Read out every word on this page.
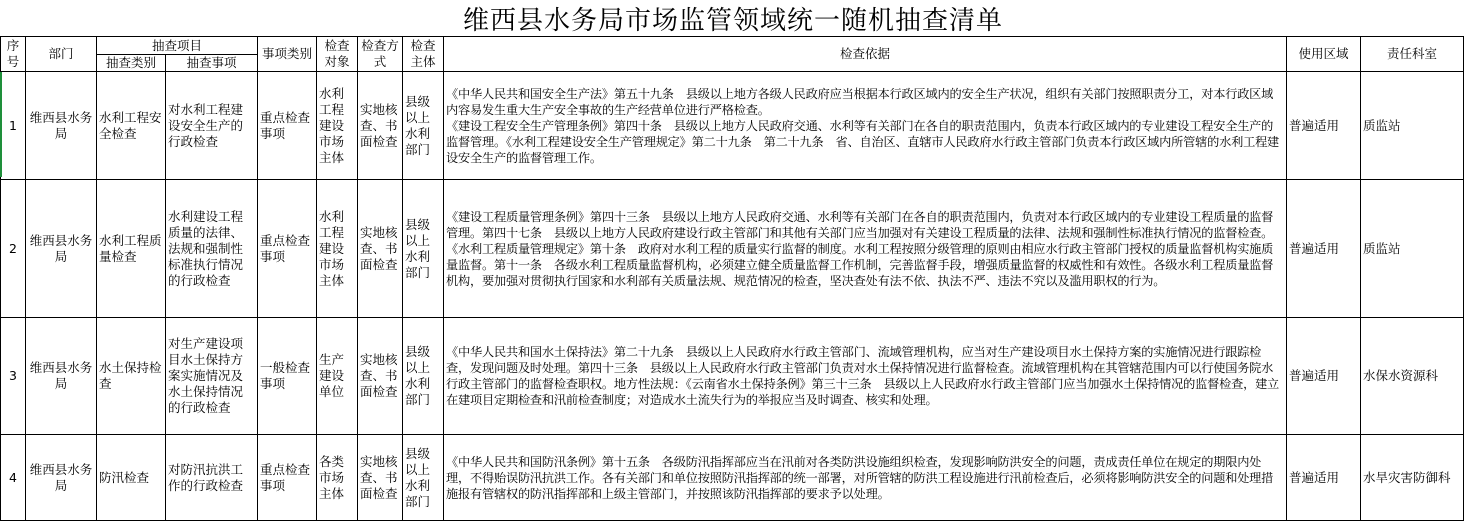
维西县水务局市场监管领域统一随机抽查清单
序号	部门	抽查项目		事项类别	检查对象	检查方式	检查主体	检查依据	使用区域	责任科室
		抽查类别	抽查事项							
1	维西县水务局	水利工程安全检查	对水利工程建设安全生产的行政检查	重点检查事项	水利工程建设市场主体	实地核查、书面检查	县级以上水利部门	《中华人民共和国安全生产法》第五十九条　县级以上地方各级人民政府应当根据本行政区域内的安全生产状况，组织有关部门按照职责分工，对本行政区域内容易发生重大生产安全事故的生产经营单位进行严格检查。
《建设工程安全生产管理条例》第四十条　县级以上地方人民政府交通、水利等有关部门在各自的职责范围内，负责本行政区域内的专业建设工程安全生产的监督管理。《水利工程建设安全生产管理规定》第二十九条　第二十九条　省、自治区、直辖市人民政府水行政主管部门负责本行政区域内所管辖的水利工程建设安全生产的监督管理工作。	普遍适用	质监站
2	维西县水务局	水利工程质量检查	水利建设工程质量的法律、法规和强制性标准执行情况的行政检查	重点检查事项	水利工程建设市场主体	实地核查、书面检查	县级以上水利部门	《建设工程质量管理条例》第四十三条　县级以上地方人民政府交通、水利等有关部门在各自的职责范围内，负责对本行政区域内的专业建设工程质量的监督管理。第四十七条　县级以上地方人民政府建设行政主管部门和其他有关部门应当加强对有关建设工程质量的法律、法规和强制性标准执行情况的监督检查。
《水利工程质量管理规定》第十条　政府对水利工程的质量实行监督的制度。水利工程按照分级管理的原则由相应水行政主管部门授权的质量监督机构实施质量监督。第十一条　各级水利工程质量监督机构，必须建立健全质量监督工作机制，完善监督手段，增强质量监督的权威性和有效性。各级水利工程质量监督机构，要加强对贯彻执行国家和水利部有关质量法规、规范情况的检查，坚决查处有法不依、执法不严、违法不究以及滥用职权的行为。	普遍适用	质监站
3	维西县水务局	水土保持检查	对生产建设项目水土保持方案实施情况及水土保持情况的行政检查	一般检查事项	生产建设单位	实地核查、书面检查	县级以上水利部门	《中华人民共和国水土保持法》第二十九条　县级以上人民政府水行政主管部门、流域管理机构，应当对生产建设项目水土保持方案的实施情况进行跟踪检查，发现问题及时处理。第四十三条　县级以上人民政府水行政主管部门负责对水土保持情况进行监督检查。流域管理机构在其管辖范围内可以行使国务院水行政主管部门的监督检查职权。地方性法规：《云南省水土保持条例》第三十三条　县级以上人民政府水行政主管部门应当加强水土保持情况的监督检查，建立在建项目定期检查和汛前检查制度；对造成水土流失行为的举报应当及时调查、核实和处理。	普遍适用	水保水资源科
4	维西县水务局	防汛检查	对防汛抗洪工作的行政检查	重点检查事项	各类市场主体	实地核查、书面检查	县级以上水利部门	《中华人民共和国防汛条例》第十五条　各级防汛指挥部应当在汛前对各类防洪设施组织检查，发现影响防洪安全的问题，责成责任单位在规定的期限内处理，不得贻误防汛抗洪工作。各有关部门和单位按照防汛指挥部的统一部署，对所管辖的防洪工程设施进行汛前检查后，必须将影响防洪安全的问题和处理措施报有管辖权的防汛指挥部和上级主管部门，并按照该防汛指挥部的要求予以处理。	普遍适用	水旱灾害防御科
